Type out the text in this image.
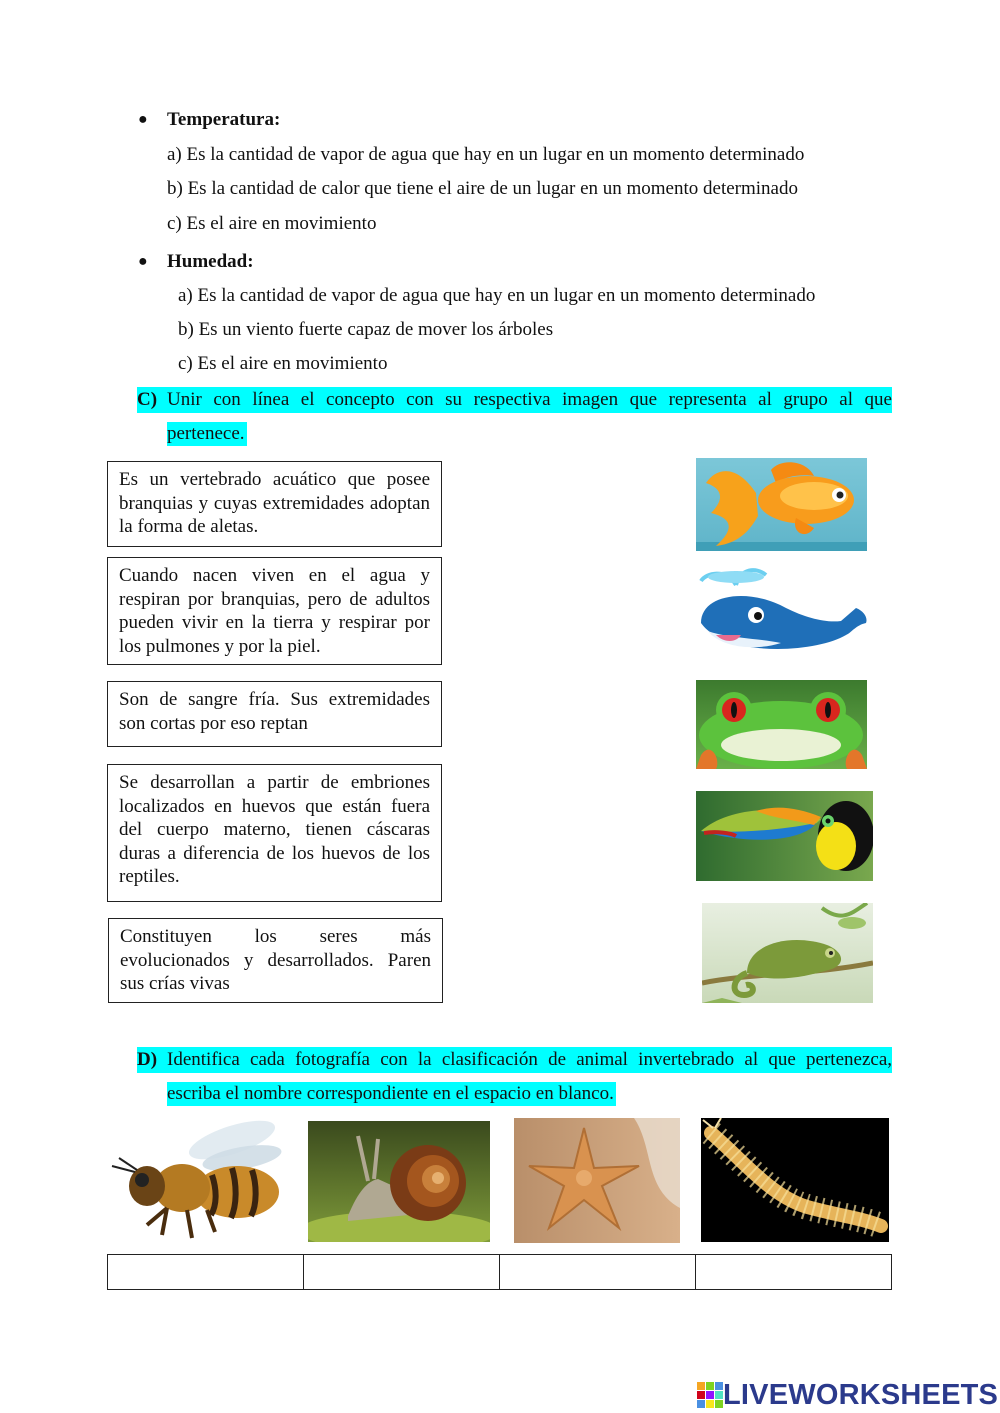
● Temperatura:
a) Es la cantidad de vapor de agua que hay en un lugar en un momento determinado
b) Es la cantidad de calor que tiene el aire de un lugar en un momento determinado
c) Es el aire en movimiento
● Humedad:
a) Es la cantidad de vapor de agua que hay en un lugar en un momento determinado
b) Es un viento fuerte capaz de mover los árboles
c) Es el aire en movimiento
C) Unir con línea el concepto con su respectiva imagen que representa al grupo al que
pertenece.
Es un vertebrado acuático que posee branquias y cuyas extremidades adoptan la forma de aletas.
Cuando nacen viven en el agua y respiran por branquias, pero de adultos pueden vivir en la tierra y respirar por los pulmones y por la piel.
Son de sangre fría. Sus extremidades son cortas por eso reptan
Se desarrollan a partir de embriones localizados en huevos que están fuera del cuerpo materno, tienen cáscaras duras a diferencia de los huevos de los reptiles.
Constituyen los seres más evolucionados y desarrollados. Paren sus crías vivas
D) Identifica cada fotografía con la clasificación de animal invertebrado al que pertenezca,
escriba el nombre correspondiente en el espacio en blanco.
LIVEWORKSHEETS
